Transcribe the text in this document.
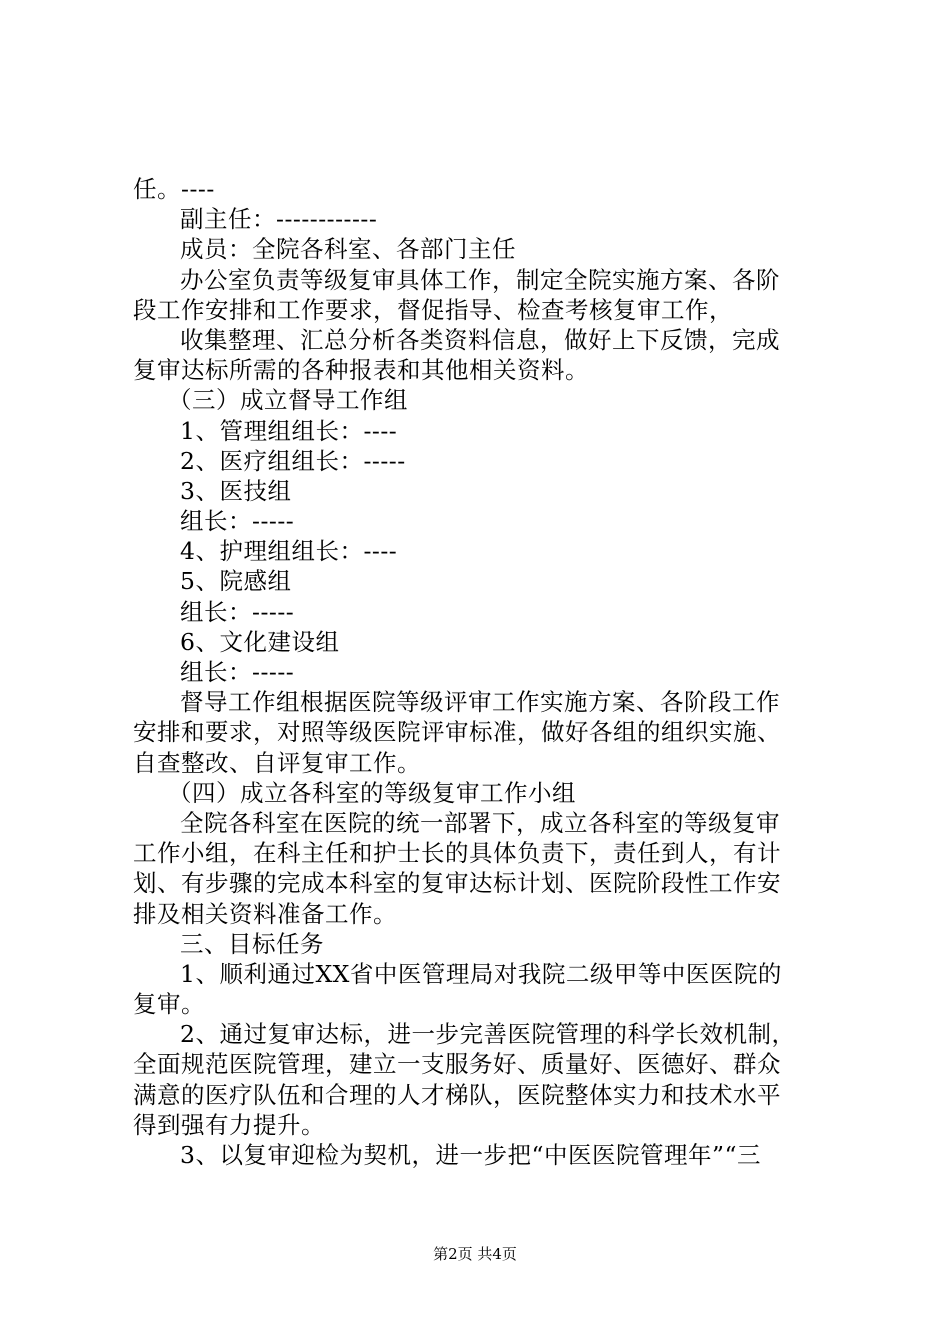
任。----
副主任：------------
成员：全院各科室、各部门主任
办公室负责等级复审具体工作，制定全院实施方案、各阶
段工作安排和工作要求，督促指导、检查考核复审工作，
收集整理、汇总分析各类资料信息，做好上下反馈，完成
复审达标所需的各种报表和其他相关资料。
（三）成立督导工作组
1、管理组组长：----
2、医疗组组长：-----
3、医技组
组长：-----
4、护理组组长：----
5、院感组
组长：-----
6、文化建设组
组长：-----
督导工作组根据医院等级评审工作实施方案、各阶段工作
安排和要求，对照等级医院评审标准，做好各组的组织实施、
自查整改、自评复审工作。
（四）成立各科室的等级复审工作小组
全院各科室在医院的统一部署下，成立各科室的等级复审
工作小组，在科主任和护士长的具体负责下，责任到人，有计
划、有步骤的完成本科室的复审达标计划、医院阶段性工作安
排及相关资料准备工作。
三、目标任务
1、顺利通过XX省中医管理局对我院二级甲等中医医院的
复审。
2、通过复审达标，进一步完善医院管理的科学长效机制，
全面规范医院管理，建立一支服务好、质量好、医德好、群众
满意的医疗队伍和合理的人才梯队，医院整体实力和技术水平
得到强有力提升。
3、以复审迎检为契机，进一步把“中医医院管理年”“三
第2页 共4页
